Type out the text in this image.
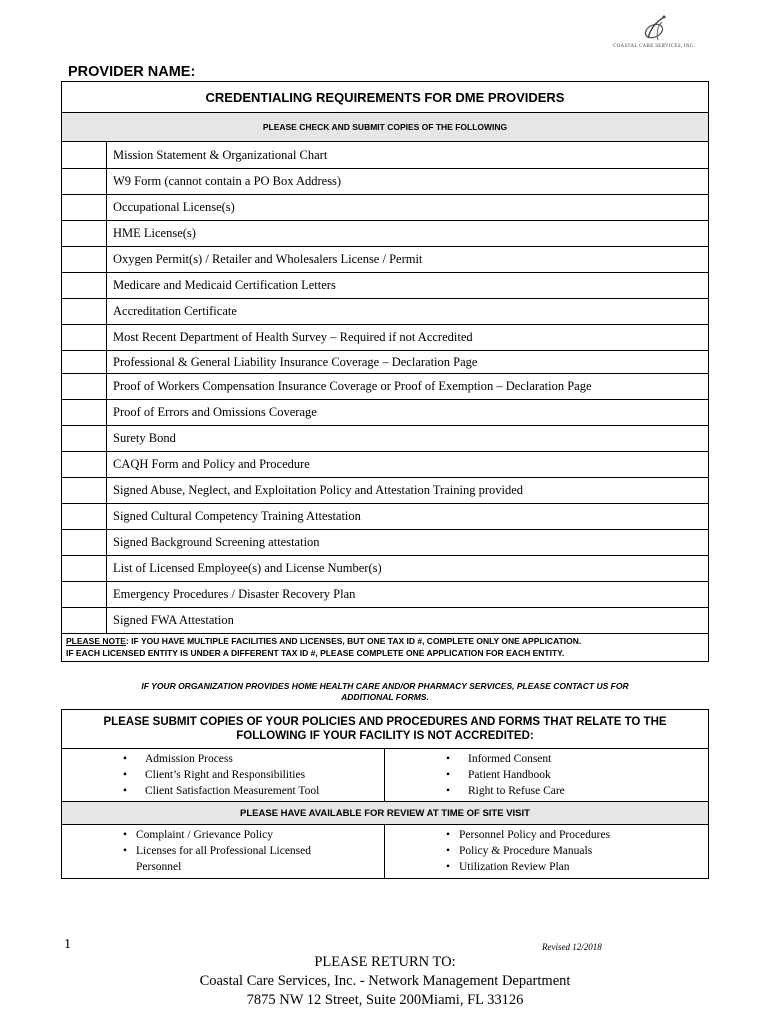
COASTAL CARE SERVICES, INC.
PROVIDER NAME:
CREDENTIALING REQUIREMENTS FOR DME PROVIDERS
PLEASE CHECK AND SUBMIT COPIES OF THE FOLLOWING
Mission Statement & Organizational Chart
W9 Form (cannot contain a PO Box Address)
Occupational License(s)
HME License(s)
Oxygen Permit(s) / Retailer and Wholesalers License / Permit
Medicare and Medicaid Certification Letters
Accreditation Certificate
Most Recent Department of Health Survey – Required if not Accredited
Professional & General Liability Insurance Coverage – Declaration Page
Proof of Workers Compensation Insurance Coverage or Proof of Exemption – Declaration Page
Proof of Errors and Omissions Coverage
Surety Bond
CAQH Form and Policy and Procedure
Signed Abuse, Neglect, and Exploitation Policy and Attestation Training provided
Signed Cultural Competency Training Attestation
Signed Background Screening attestation
List of Licensed Employee(s) and License Number(s)
Emergency Procedures / Disaster Recovery Plan
Signed FWA Attestation
PLEASE NOTE: IF YOU HAVE MULTIPLE FACILITIES AND LICENSES, BUT ONE TAX ID #, COMPLETE ONLY ONE APPLICATION.
IF EACH LICENSED ENTITY IS UNDER A DIFFERENT TAX ID #, PLEASE COMPLETE ONE APPLICATION FOR EACH ENTITY.
IF YOUR ORGANIZATION PROVIDES HOME HEALTH CARE AND/OR PHARMACY SERVICES, PLEASE CONTACT US FOR
ADDITIONAL FORMS.
PLEASE SUBMIT COPIES OF YOUR POLICIES AND PROCEDURES AND FORMS THAT RELATE TO THE
FOLLOWING IF YOUR FACILITY IS NOT ACCREDITED:
• Admission Process
• Client’s Right and Responsibilities
• Client Satisfaction Measurement Tool
• Informed Consent
• Patient Handbook
• Right to Refuse Care
PLEASE HAVE AVAILABLE FOR REVIEW AT TIME OF SITE VISIT
• Complaint / Grievance Policy
• Licenses for all Professional Licensed
Personnel
• Personnel Policy and Procedures
• Policy & Procedure Manuals
• Utilization Review Plan
1	Revised 12/2018
PLEASE RETURN TO:
Coastal Care Services, Inc. - Network Management Department
7875 NW 12 Street, Suite 200Miami, FL 33126
